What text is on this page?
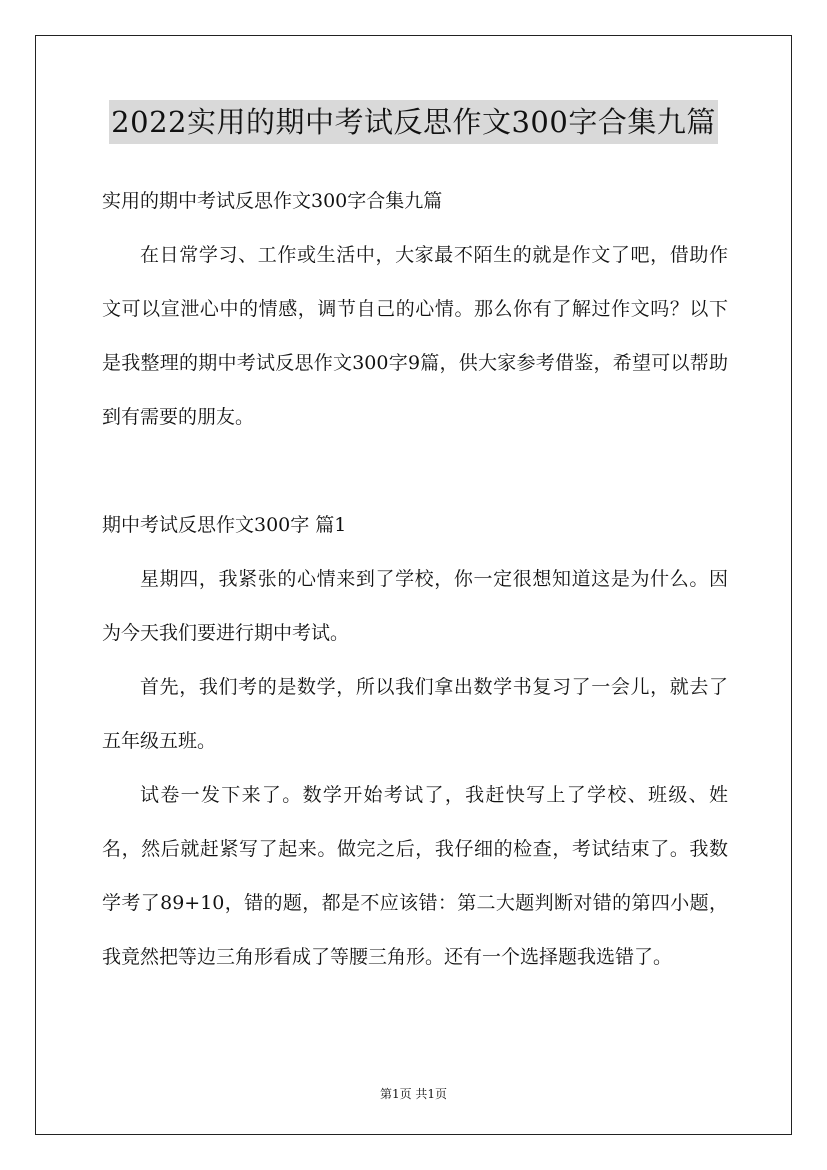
2022实用的期中考试反思作文300字合集九篇

实用的期中考试反思作文300字合集九篇

在日常学习、工作或生活中，大家最不陌生的就是作文了吧，借助作文可以宣泄心中的情感，调节自己的心情。那么你有了解过作文吗？以下是我整理的期中考试反思作文300字9篇，供大家参考借鉴，希望可以帮助到有需要的朋友。

期中考试反思作文300字 篇1

星期四，我紧张的心情来到了学校，你一定很想知道这是为什么。因为今天我们要进行期中考试。

首先，我们考的是数学，所以我们拿出数学书复习了一会儿，就去了五年级五班。

试卷一发下来了。数学开始考试了，我赶快写上了学校、班级、姓名，然后就赶紧写了起来。做完之后，我仔细的检查，考试结束了。我数学考了89+10，错的题，都是不应该错：第二大题判断对错的第四小题，我竟然把等边三角形看成了等腰三角形。还有一个选择题我选错了。

第1页 共1页
